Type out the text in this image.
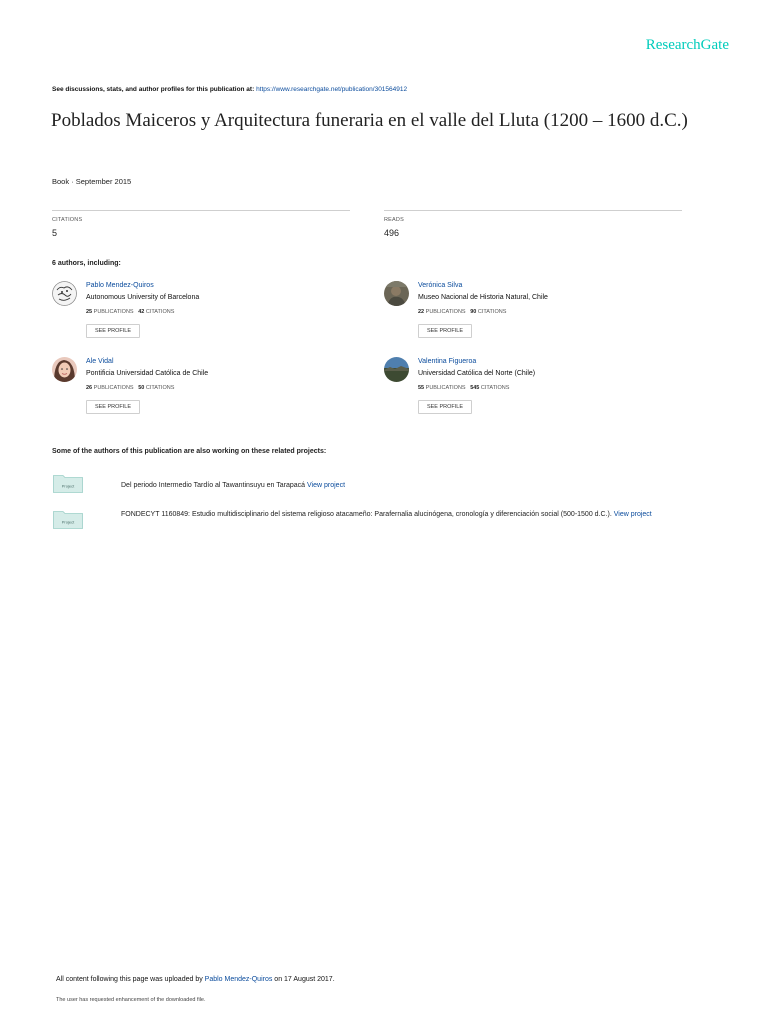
ResearchGate
See discussions, stats, and author profiles for this publication at: https://www.researchgate.net/publication/301564912
Poblados Maiceros y Arquitectura funeraria en el valle del Lluta (1200 – 1600 d.C.)
Book · September 2015
CITATIONS
5
READS
496
6 authors, including:
Pablo Mendez-Quiros
Autonomous University of Barcelona
25 PUBLICATIONS 42 CITATIONS
SEE PROFILE
Verónica Silva
Museo Nacional de Historia Natural, Chile
22 PUBLICATIONS 90 CITATIONS
SEE PROFILE
Ale Vidal
Pontificia Universidad Católica de Chile
26 PUBLICATIONS 50 CITATIONS
SEE PROFILE
Valentina Figueroa
Universidad Católica del Norte (Chile)
55 PUBLICATIONS 545 CITATIONS
SEE PROFILE
Some of the authors of this publication are also working on these related projects:
Project	Del periodo Intermedio Tardío al Tawantinsuyu en Tarapacá View project
Project
FONDECYT 1160849: Estudio multidisciplinario del sistema religioso atacameño: Parafernalia alucinógena, cronología y diferenciación social (500-1500 d.C.). View project
All content following this page was uploaded by Pablo Mendez-Quiros on 17 August 2017.
The user has requested enhancement of the downloaded file.
